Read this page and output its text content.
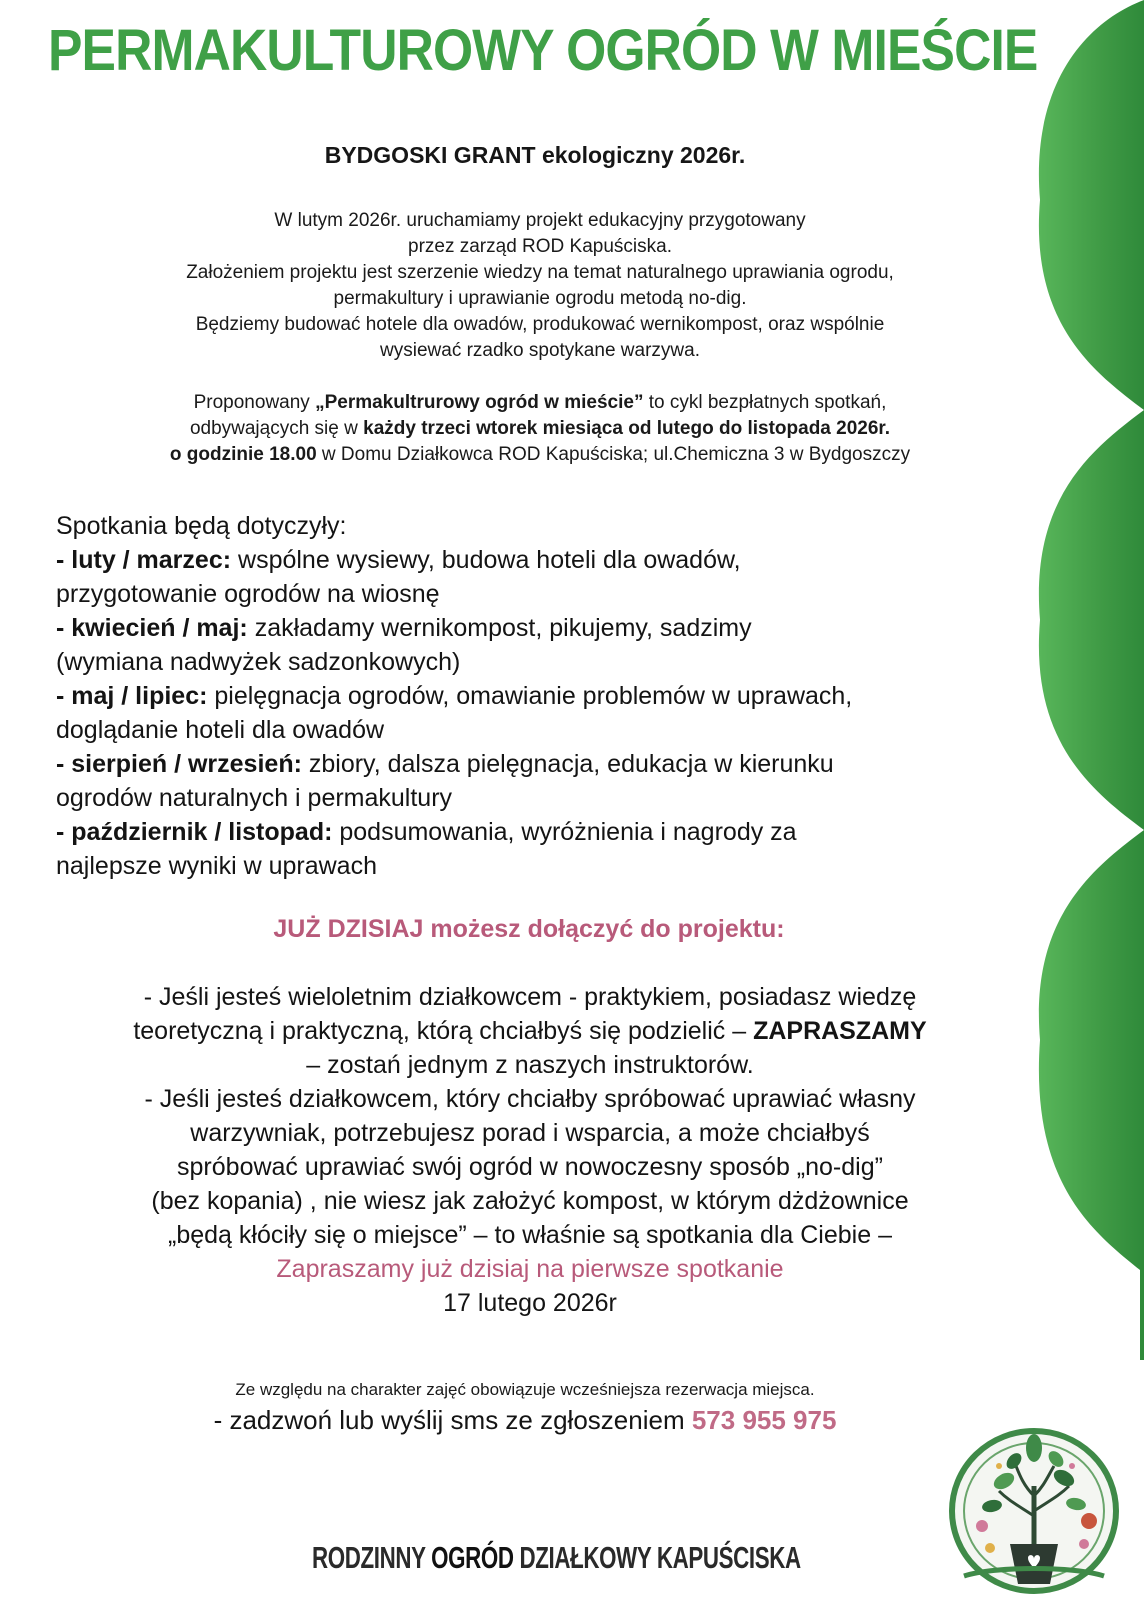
PERMAKULTUROWY OGRÓD W MIEŚCIE
BYDGOSKI GRANT ekologiczny 2026r.

W lutym 2026r. uruchamiamy projekt edukacyjny przygotowany

przez zarząd ROD Kapuściska.

Założeniem projektu jest szerzenie wiedzy na temat naturalnego uprawiania ogrodu,

permakultury i uprawianie ogrodu metodą no-dig.

Będziemy budować hotele dla owadów, produkować wernikompost, oraz wspólnie

wysiewać rzadko spotykane warzywa.

Proponowany „Permakultrurowy ogród w mieście” to cykl bezpłatnych spotkań,

odbywających się w każdy trzeci wtorek miesiąca od lutego do listopada 2026r.

o godzinie 18.00 w Domu Działkowca ROD Kapuściska; ul.Chemiczna 3 w Bydgoszczy

Spotkania będą dotyczyły:

- luty / marzec: wspólne wysiewy, budowa hoteli dla owadów,

przygotowanie ogrodów na wiosnę

- kwiecień / maj: zakładamy wernikompost, pikujemy, sadzimy

(wymiana nadwyżek sadzonkowych)

- maj / lipiec: pielęgnacja ogrodów, omawianie problemów w uprawach,

doglądanie hoteli dla owadów

- sierpień / wrzesień: zbiory, dalsza pielęgnacja, edukacja w kierunku

ogrodów naturalnych i permakultury

- październik / listopad: podsumowania, wyróżnienia i nagrody za

najlepsze wyniki w uprawach

JUŻ DZISIAJ możesz dołączyć do projektu:

- Jeśli jesteś wieloletnim działkowcem - praktykiem, posiadasz wiedzę

teoretyczną i praktyczną, którą chciałbyś się podzielić – ZAPRASZAMY

– zostań jednym z naszych instruktorów.

- Jeśli jesteś działkowcem, który chciałby spróbować uprawiać własny

warzywniak, potrzebujesz porad i wsparcia, a może chciałbyś

spróbować uprawiać swój ogród w nowoczesny sposób „no-dig”

(bez kopania) , nie wiesz jak założyć kompost, w którym dżdżownice

„będą kłóciły się o miejsce” – to właśnie są spotkania dla Ciebie –

Zapraszamy już dzisiaj na pierwsze spotkanie

17 lutego 2026r

Ze względu na charakter zajęć obowiązuje wcześniejsza rezerwacja miejsca.

- zadzwoń lub wyślij sms ze zgłoszeniem 573 955 975

RODZINNY OGRÓD DZIAŁKOWY KAPUŚCISKA
